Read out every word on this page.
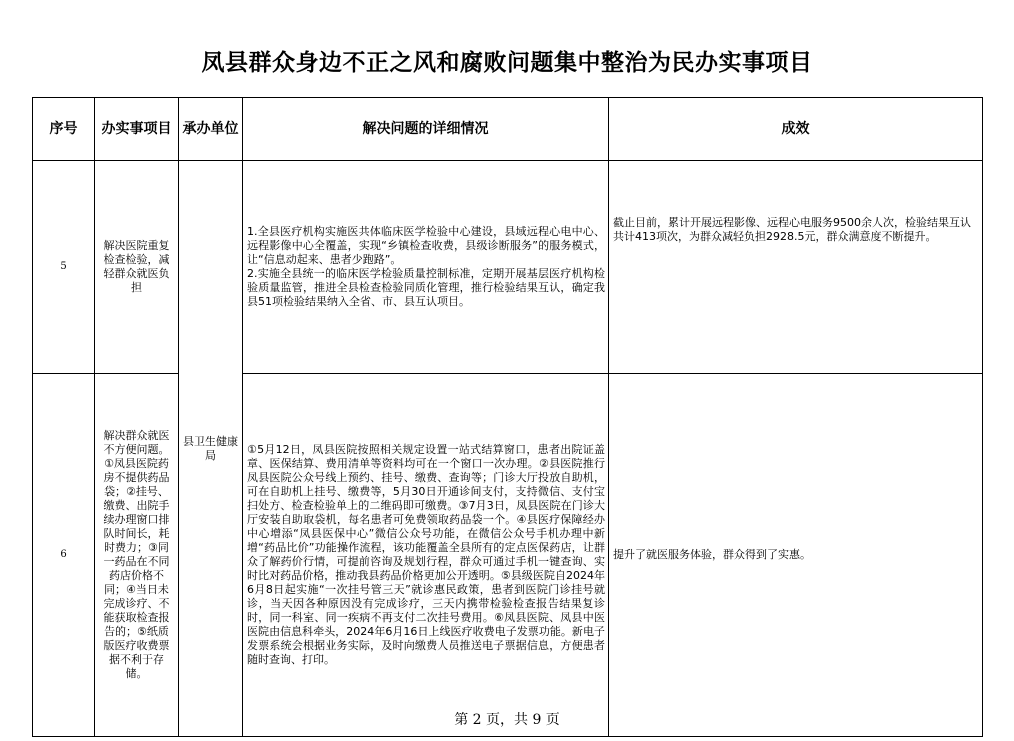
凤县群众身边不正之风和腐败问题集中整治为民办实事项目
序号	办实事项目	承办单位	解决问题的详细情况	成效
5	解决医院重复检查检验，减轻群众就医负担	县卫生健康局	1.全县医疗机构实施医共体临床医学检验中心建设，县域远程心电中心、远程影像中心全覆盖，实现“乡镇检查收费，县级诊断服务”的服务模式，让“信息动起来、患者少跑路”。
2.实施全县统一的临床医学检验质量控制标准，定期开展基层医疗机构检验质量监管，推进全县检查检验同质化管理，推行检验结果互认，确定我县51项检验结果纳入全省、市、县互认项目。	截止目前，累计开展远程影像、远程心电服务9500余人次，检验结果互认共计413项次，为群众减轻负担2928.5元，群众满意度不断提升。
6	解决群众就医不方便问题。①凤县医院药房不提供药品袋；②挂号、缴费、出院手续办理窗口排队时间长，耗时费力；③同一药品在不同药店价格不同；④当日未完成诊疗、不能获取检查报告的；⑤纸质版医疗收费票据不利于存储。		①5月12日，凤县医院按照相关规定设置一站式结算窗口，患者出院证盖章、医保结算、费用清单等资料均可在一个窗口一次办理。②县医院推行凤县医院公众号线上预约、挂号、缴费、查询等；门诊大厅投放自助机，可在自助机上挂号、缴费等，5月30日开通诊间支付，支持微信、支付宝扫处方、检查检验单上的二维码即可缴费。③7月3日，凤县医院在门诊大厅安装自助取袋机，每名患者可免费领取药品袋一个。④县医疗保障经办中心增添“凤县医保中心”微信公众号功能，在微信公众号手机办理中新增“药品比价”功能操作流程，该功能覆盖全县所有的定点医保药店，让群众了解药价行情，可提前咨询及规划行程，群众可通过手机一键查询、实时比对药品价格，推动我县药品价格更加公开透明。⑤县级医院自2024年6月8日起实施“一次挂号管三天”就诊惠民政策，患者到医院门诊挂号就诊，当天因各种原因没有完成诊疗，三天内携带检验检查报告结果复诊时，同一科室、同一疾病不再支付二次挂号费用。⑥凤县医院、凤县中医医院由信息科牵头，2024年6月16日上线医疗收费电子发票功能。新电子发票系统会根据业务实际，及时向缴费人员推送电子票据信息，方便患者随时查询、打印。	提升了就医服务体验，群众得到了实惠。
第 2 页，共 9 页
